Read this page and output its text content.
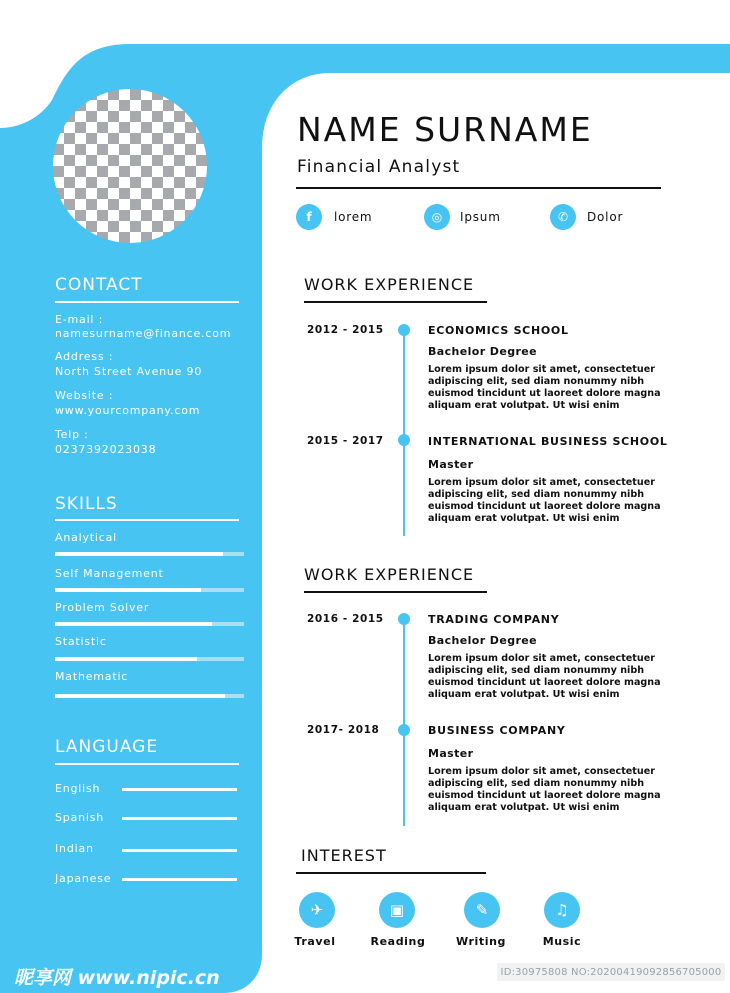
CONTACT
E-mail :
namesurname@finance.com
Address :
North Street Avenue 90
Website :
www.yourcompany.com
Telp :
0237392023038
SKILLS
Analytical
Self Management
Problem Solver
Statistic
Mathematic
LANGUAGE
English
Spanish
Indian
Japanese
NAME SURNAME
Financial Analyst
f	lorem	◎	Ipsum	✆	Dolor
WORK EXPERIENCE
2012 - 2015	ECONOMICS SCHOOL
Bachelor Degree
Lorem ipsum dolor sit amet, consectetuer
adipiscing elit, sed diam nonummy nibh
euismod tincidunt ut laoreet dolore magna
aliquam erat volutpat. Ut wisi enim
2015 - 2017	INTERNATIONAL BUSINESS SCHOOL
Master
Lorem ipsum dolor sit amet, consectetuer
adipiscing elit, sed diam nonummy nibh
euismod tincidunt ut laoreet dolore magna
aliquam erat volutpat. Ut wisi enim
WORK EXPERIENCE
2016 - 2015	TRADING COMPANY
Bachelor Degree
Lorem ipsum dolor sit amet, consectetuer
adipiscing elit, sed diam nonummy nibh
euismod tincidunt ut laoreet dolore magna
aliquam erat volutpat. Ut wisi enim
2017- 2018	BUSINESS COMPANY
Master
Lorem ipsum dolor sit amet, consectetuer
adipiscing elit, sed diam nonummy nibh
euismod tincidunt ut laoreet dolore magna
aliquam erat volutpat. Ut wisi enim
INTEREST
✈
Travel
▣
Reading
✎
Writing
♫
Music
昵享网 www.nipic.cn	ID:30975808 NO:20200419092856705000
